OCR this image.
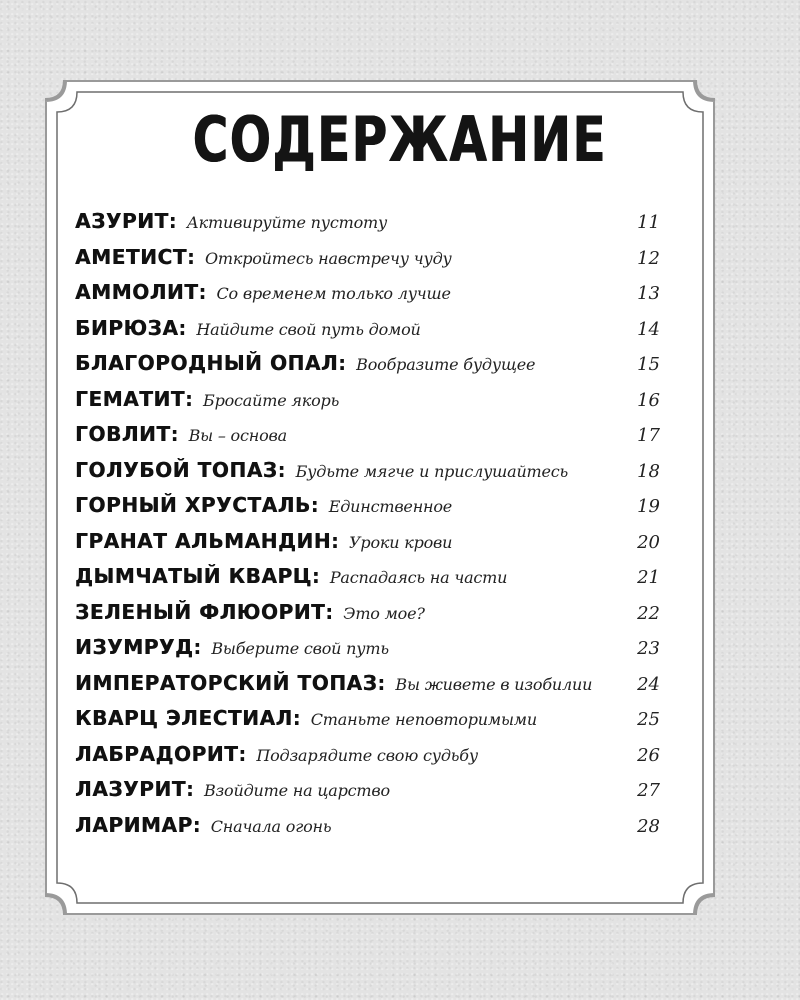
СОДЕРЖАНИЕ
АЗУРИТ : Активируйте пустоту	11
АМЕТИСТ : Откройтесь навстречу чуду	12
АММОЛИТ : Со временем только лучше	13
БИРЮЗА : Найдите свой путь домой	14
БЛАГОРОДНЫЙ ОПАЛ : Вообразите будущее	15
ГЕМАТИТ : Бросайте якорь	16
ГОВЛИТ : Вы – основа	17
ГОЛУБОЙ ТОПАЗ : Будьте мягче и прислушайтесь	18
ГОРНЫЙ ХРУСТАЛЬ : Единственное	19
ГРАНАТ АЛЬМАНДИН : Уроки крови	20
ДЫМЧАТЫЙ КВАРЦ : Распадаясь на части	21
ЗЕЛЕНЫЙ ФЛЮОРИТ : Это мое?	22
ИЗУМРУД : Выберите свой путь	23
ИМПЕРАТОРСКИЙ ТОПАЗ : Вы живете в изобилии 24
КВАРЦ ЭЛЕСТИАЛ : Станьте неповторимыми	25
ЛАБРАДОРИТ : Подзарядите свою судьбу	26
ЛАЗУРИТ : Взойдите на царство	27
ЛАРИМАР : Сначала огонь	28
